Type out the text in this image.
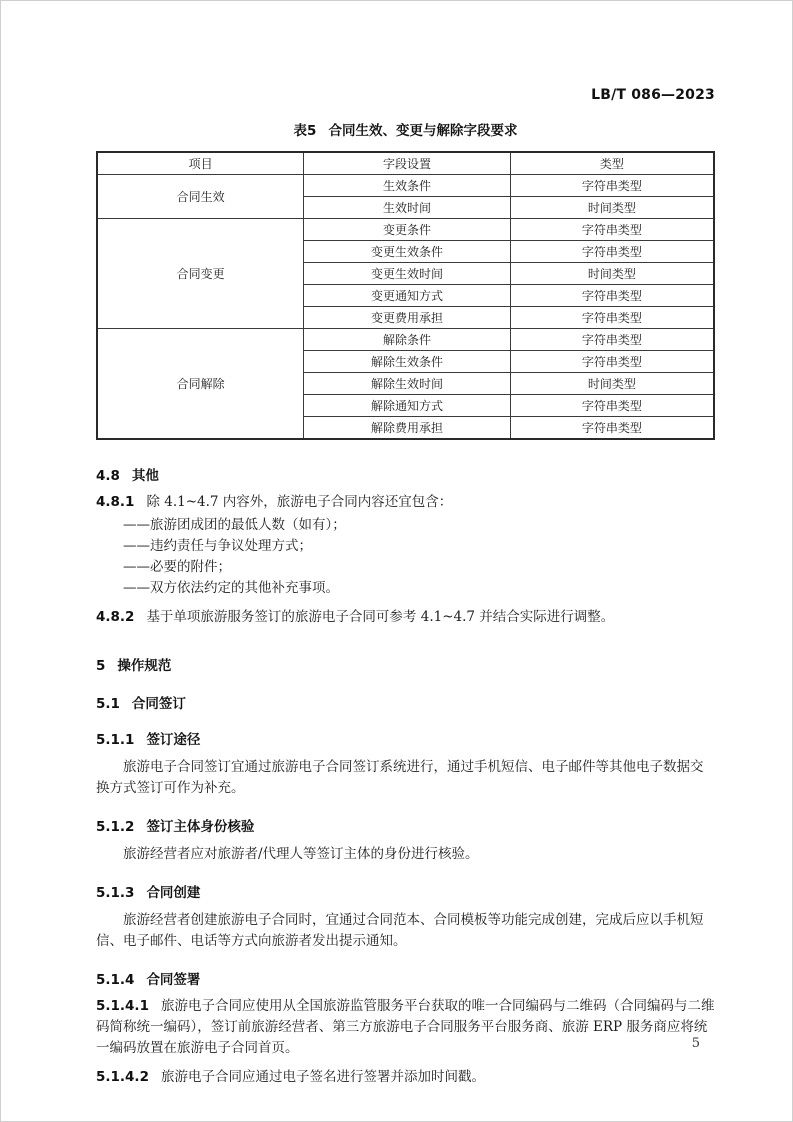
LB/T 086—2023
表5 合同生效、变更与解除字段要求
项目	字段设置	类型
合同生效	生效条件	字符串类型
	生效时间	时间类型
合同变更	变更条件	字符串类型
	变更生效条件	字符串类型
	变更生效时间	时间类型
	变更通知方式	字符串类型
	变更费用承担	字符串类型
合同解除	解除条件	字符串类型
	解除生效条件	字符串类型
	解除生效时间	时间类型
	解除通知方式	字符串类型
	解除费用承担	字符串类型

4.8 其他

4.8.1 除 4.1~4.7 内容外，旅游电子合同内容还宜包含：

——旅游团成团的最低人数（如有）；

——违约责任与争议处理方式；

——必要的附件；

——双方依法约定的其他补充事项。

4.8.2 基于单项旅游服务签订的旅游电子合同可参考 4.1~4.7 并结合实际进行调整。

5 操作规范

5.1 合同签订

5.1.1 签订途径

旅游电子合同签订宜通过旅游电子合同签订系统进行，通过手机短信、电子邮件等其他电子数据交换方式签订可作为补充。

5.1.2 签订主体身份核验

旅游经营者应对旅游者/代理人等签订主体的身份进行核验。

5.1.3 合同创建

旅游经营者创建旅游电子合同时，宜通过合同范本、合同模板等功能完成创建，完成后应以手机短信、电子邮件、电话等方式向旅游者发出提示通知。

5.1.4 合同签署

5.1.4.1 旅游电子合同应使用从全国旅游监管服务平台获取的唯一合同编码与二维码（合同编码与二维码简称统一编码），签订前旅游经营者、第三方旅游电子合同服务平台服务商、旅游 ERP 服务商应将统一编码放置在旅游电子合同首页。

5.1.4.2 旅游电子合同应通过电子签名进行签署并添加时间戳。

5
